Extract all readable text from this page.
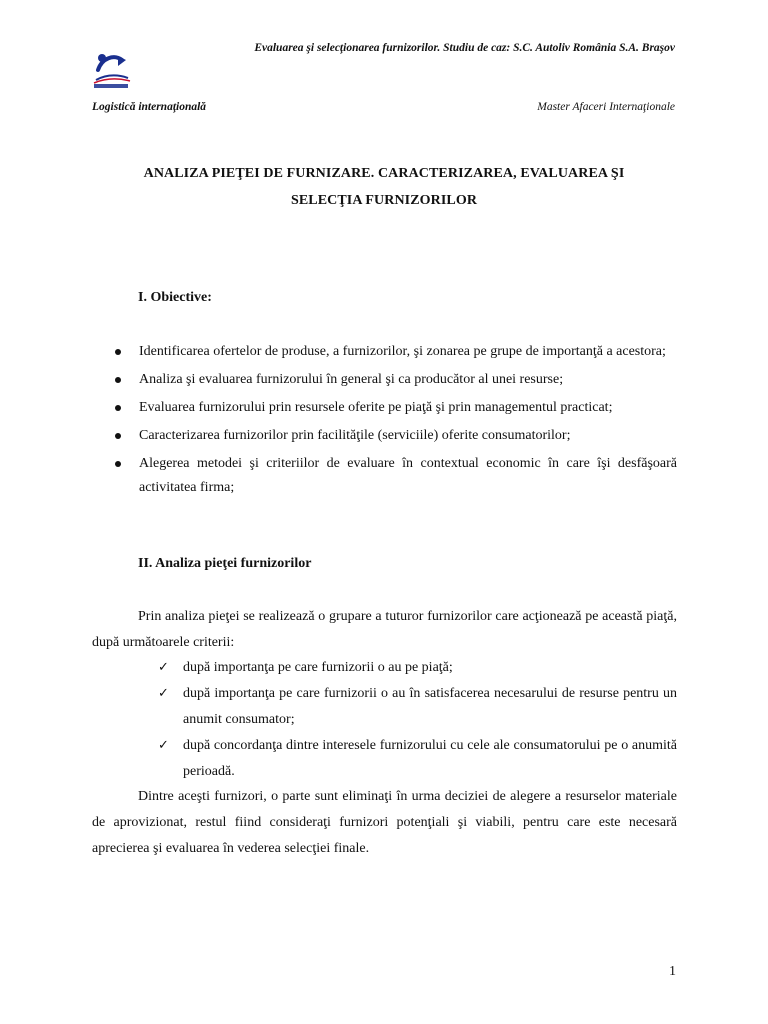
Evaluarea şi selecţionarea furnizorilor. Studiu de caz: S.C. Autoliv România S.A. Braşov
Logistică internaţională	Master Afaceri Internaţionale
ANALIZA PIEŢEI DE FURNIZARE. CARACTERIZAREA, EVALUAREA ŞI
SELECŢIA FURNIZORILOR
I. Obiective:
Identificarea ofertelor de produse, a furnizorilor, şi zonarea pe grupe de importanţă a acestora;
Analiza şi evaluarea furnizorului în general şi ca producător al unei resurse;
Evaluarea furnizorului prin resursele oferite pe piaţă şi prin managementul practicat;
Caracterizarea furnizorilor prin facilităţile (serviciile) oferite consumatorilor;
Alegerea metodei şi criteriilor de evaluare în contextual economic în care îşi desfăşoară activitatea firma;
II. Analiza pieţei furnizorilor

Prin analiza pieţei se realizează o grupare a tuturor furnizorilor care acţionează pe această piaţă, după următoarele criterii:

✓ după importanţa pe care furnizorii o au pe piaţă;
✓ după importanţa pe care furnizorii o au în satisfacerea necesarului de resurse pentru un anumit consumator;
✓ după concordanţa dintre interesele furnizorului cu cele ale consumatorului pe o anumită perioadă.

Dintre aceşti furnizori, o parte sunt eliminaţi în urma deciziei de alegere a resurselor materiale de aprovizionat, restul fiind consideraţi furnizori potenţiali şi viabili, pentru care este necesară aprecierea şi evaluarea în vederea selecţiei finale.

1
